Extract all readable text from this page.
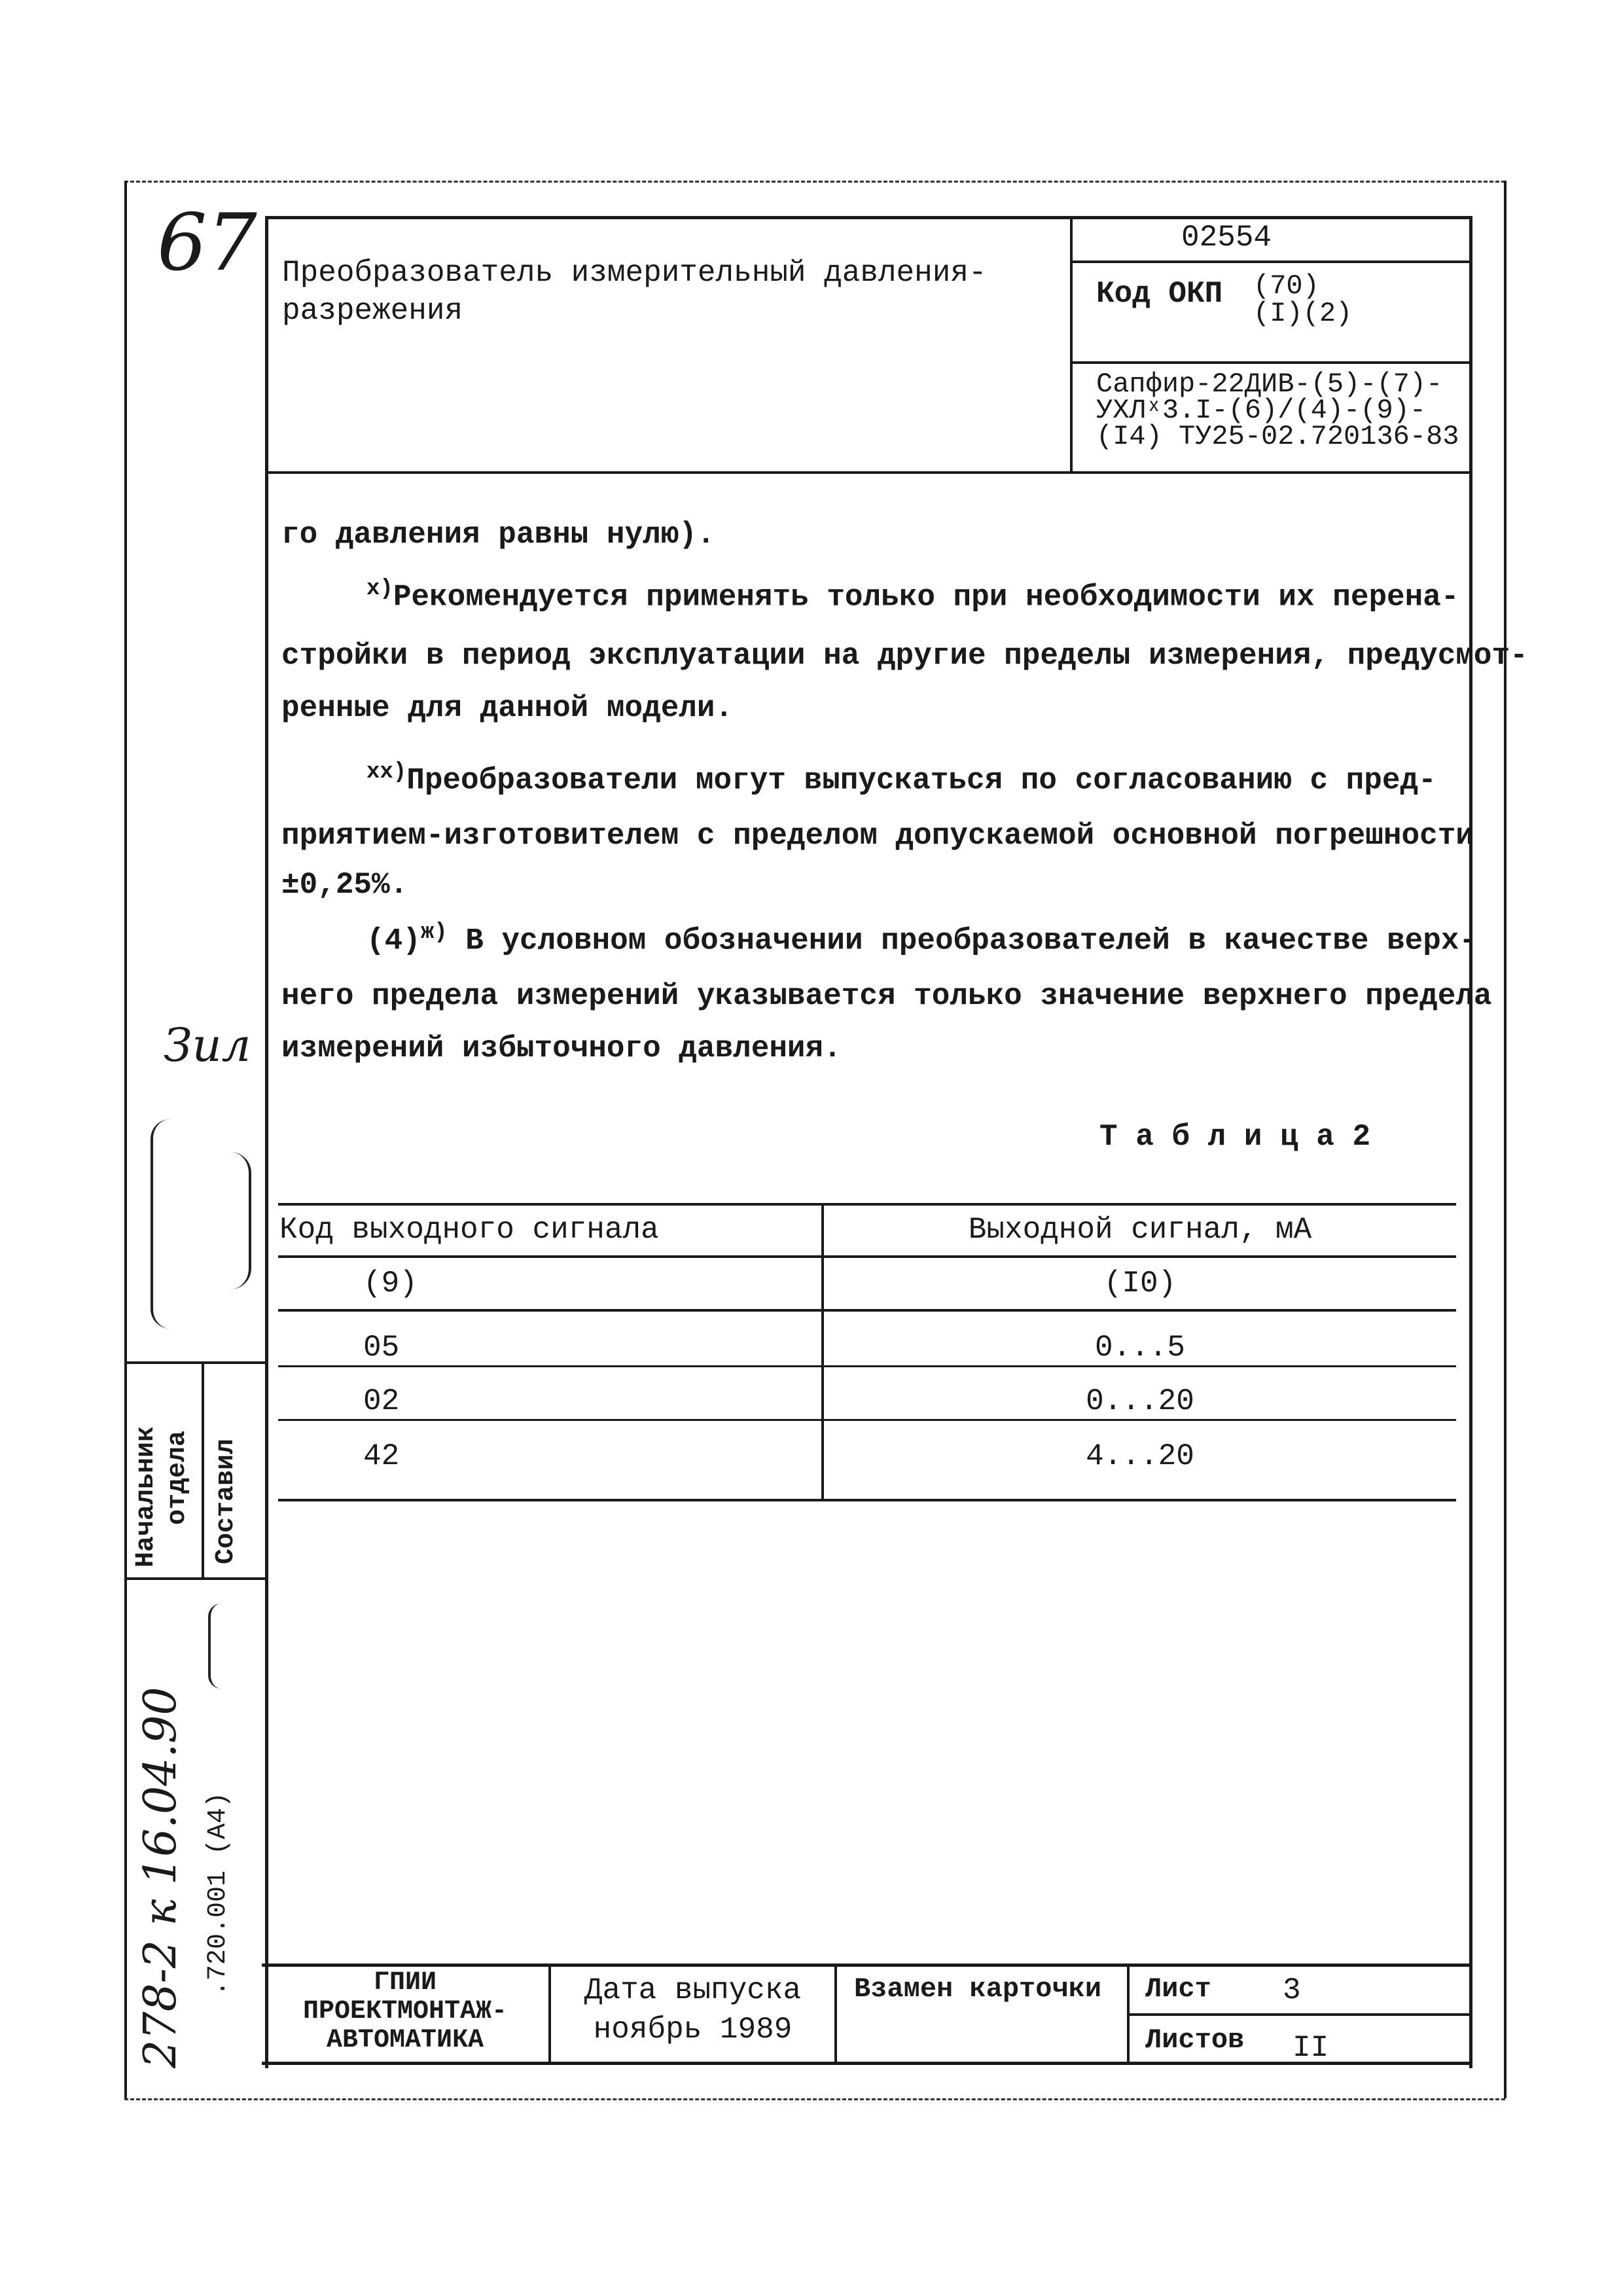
67 Преобразователь измерительный давления-
разрежения
02554
Код ОКП (70)
(I)(2)
Сапфир-22ДИВ-(5)-(7)-
УХЛˣ3.I-(6)/(4)-(9)-
(I4) ТУ25-02.720136-83
го давления равны нулю).
$^{x)}$Рекомендуется применять только при необходимости их перена-
стройки в период эксплуатации на другие пределы измерения, предусмот-
ренные для данной модели.
$^{xx)}$Преобразователи могут выпускаться по согласованию с пред-
приятием-изготовителем с пределом допускаемой основной погрешности
±0,25%.
$(4)^{ж)}$ В условном обозначении преобразователей в качестве верх-
него предела измерений указывается только значение верхнего предела
измерений избыточного давления.
Т а б л и ц а 2
Код выходного сигнала	Выходной сигнал, мА
(9)	(I0)
05	0...5
02	0...20
42	4...20
Зил
Начальник отдела Составил
278-2 к 16.04.90 .720.001 (А4)	ГПИИ
ПРОЕКТМОНТАЖ-
АВТОМАТИКА
Дата выпуска
ноябрь 1989
Взамен карточки Лист 3
Листов II
